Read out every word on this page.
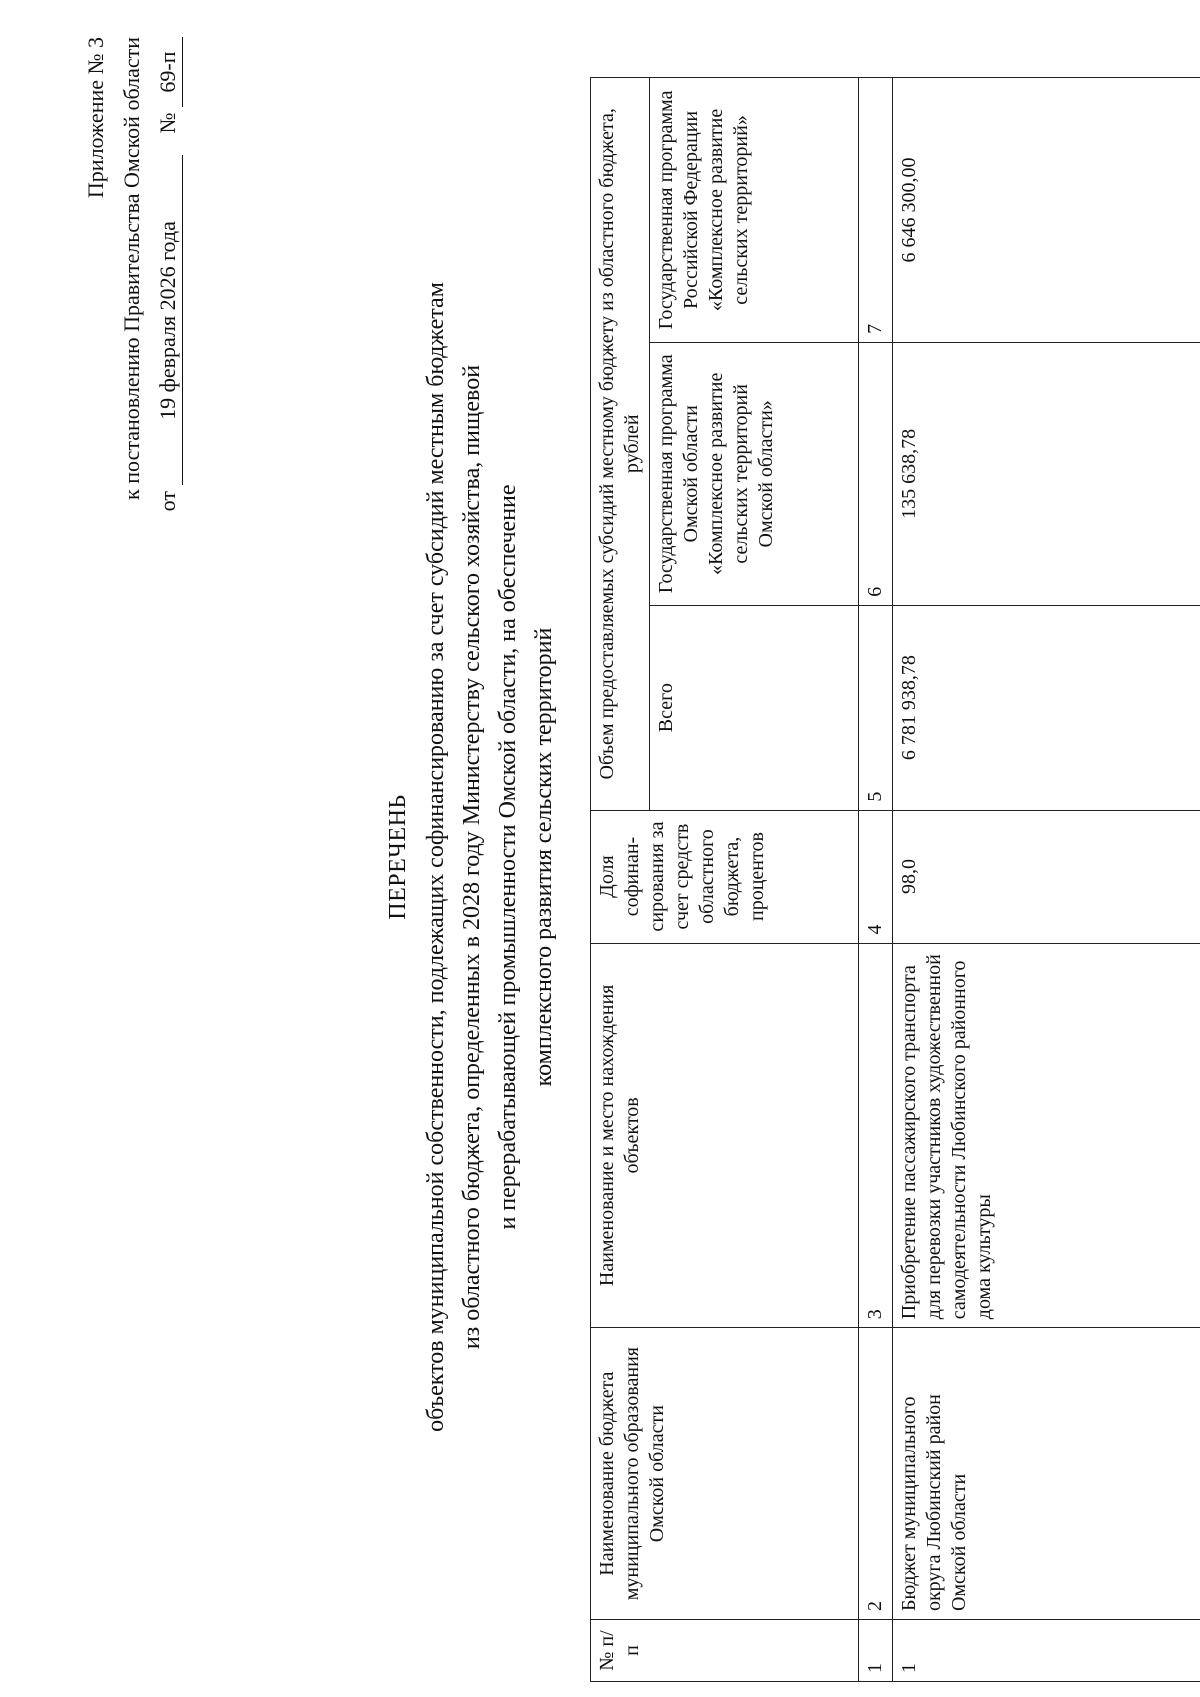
Приложение № 3 к постановлению Правительства Омской области
от 19 февраля 2026 года    № 69-п
ПЕРЕЧЕНЬ объектов муниципальной собственности, подлежащих софинансированию за счет субсидий местным бюджетам из областного бюджета, определенных в 2028 году Министерству сельского хозяйства, пищевой и перерабатывающей промышленности Омской области, на обеспечение комплексного развития сельских территорий
№ п/п	Наименование бюджета муниципального образования Омской области	Наименование и место нахождения объектов	Доля софинан-сирования за счет средств областного бюджета, процентов	Объем предоставляемых субсидий местному бюджету из областного бюджета, рублей		
				Всего	Государственная программа Омской области «Комплексное развитие сельских территорий Омской области»	Государственная программа Российской Федерации «Комплексное развитие сельских территорий»
1	2	3	4	5	6	7
1	Бюджет муниципального округа Любинский район Омской области	Приобретение пассажирского транспорта для перевозки участников художественной самодеятельности Любинского районного дома культуры	98,0	6 781 938,78	135 638,78	6 646 300,00
